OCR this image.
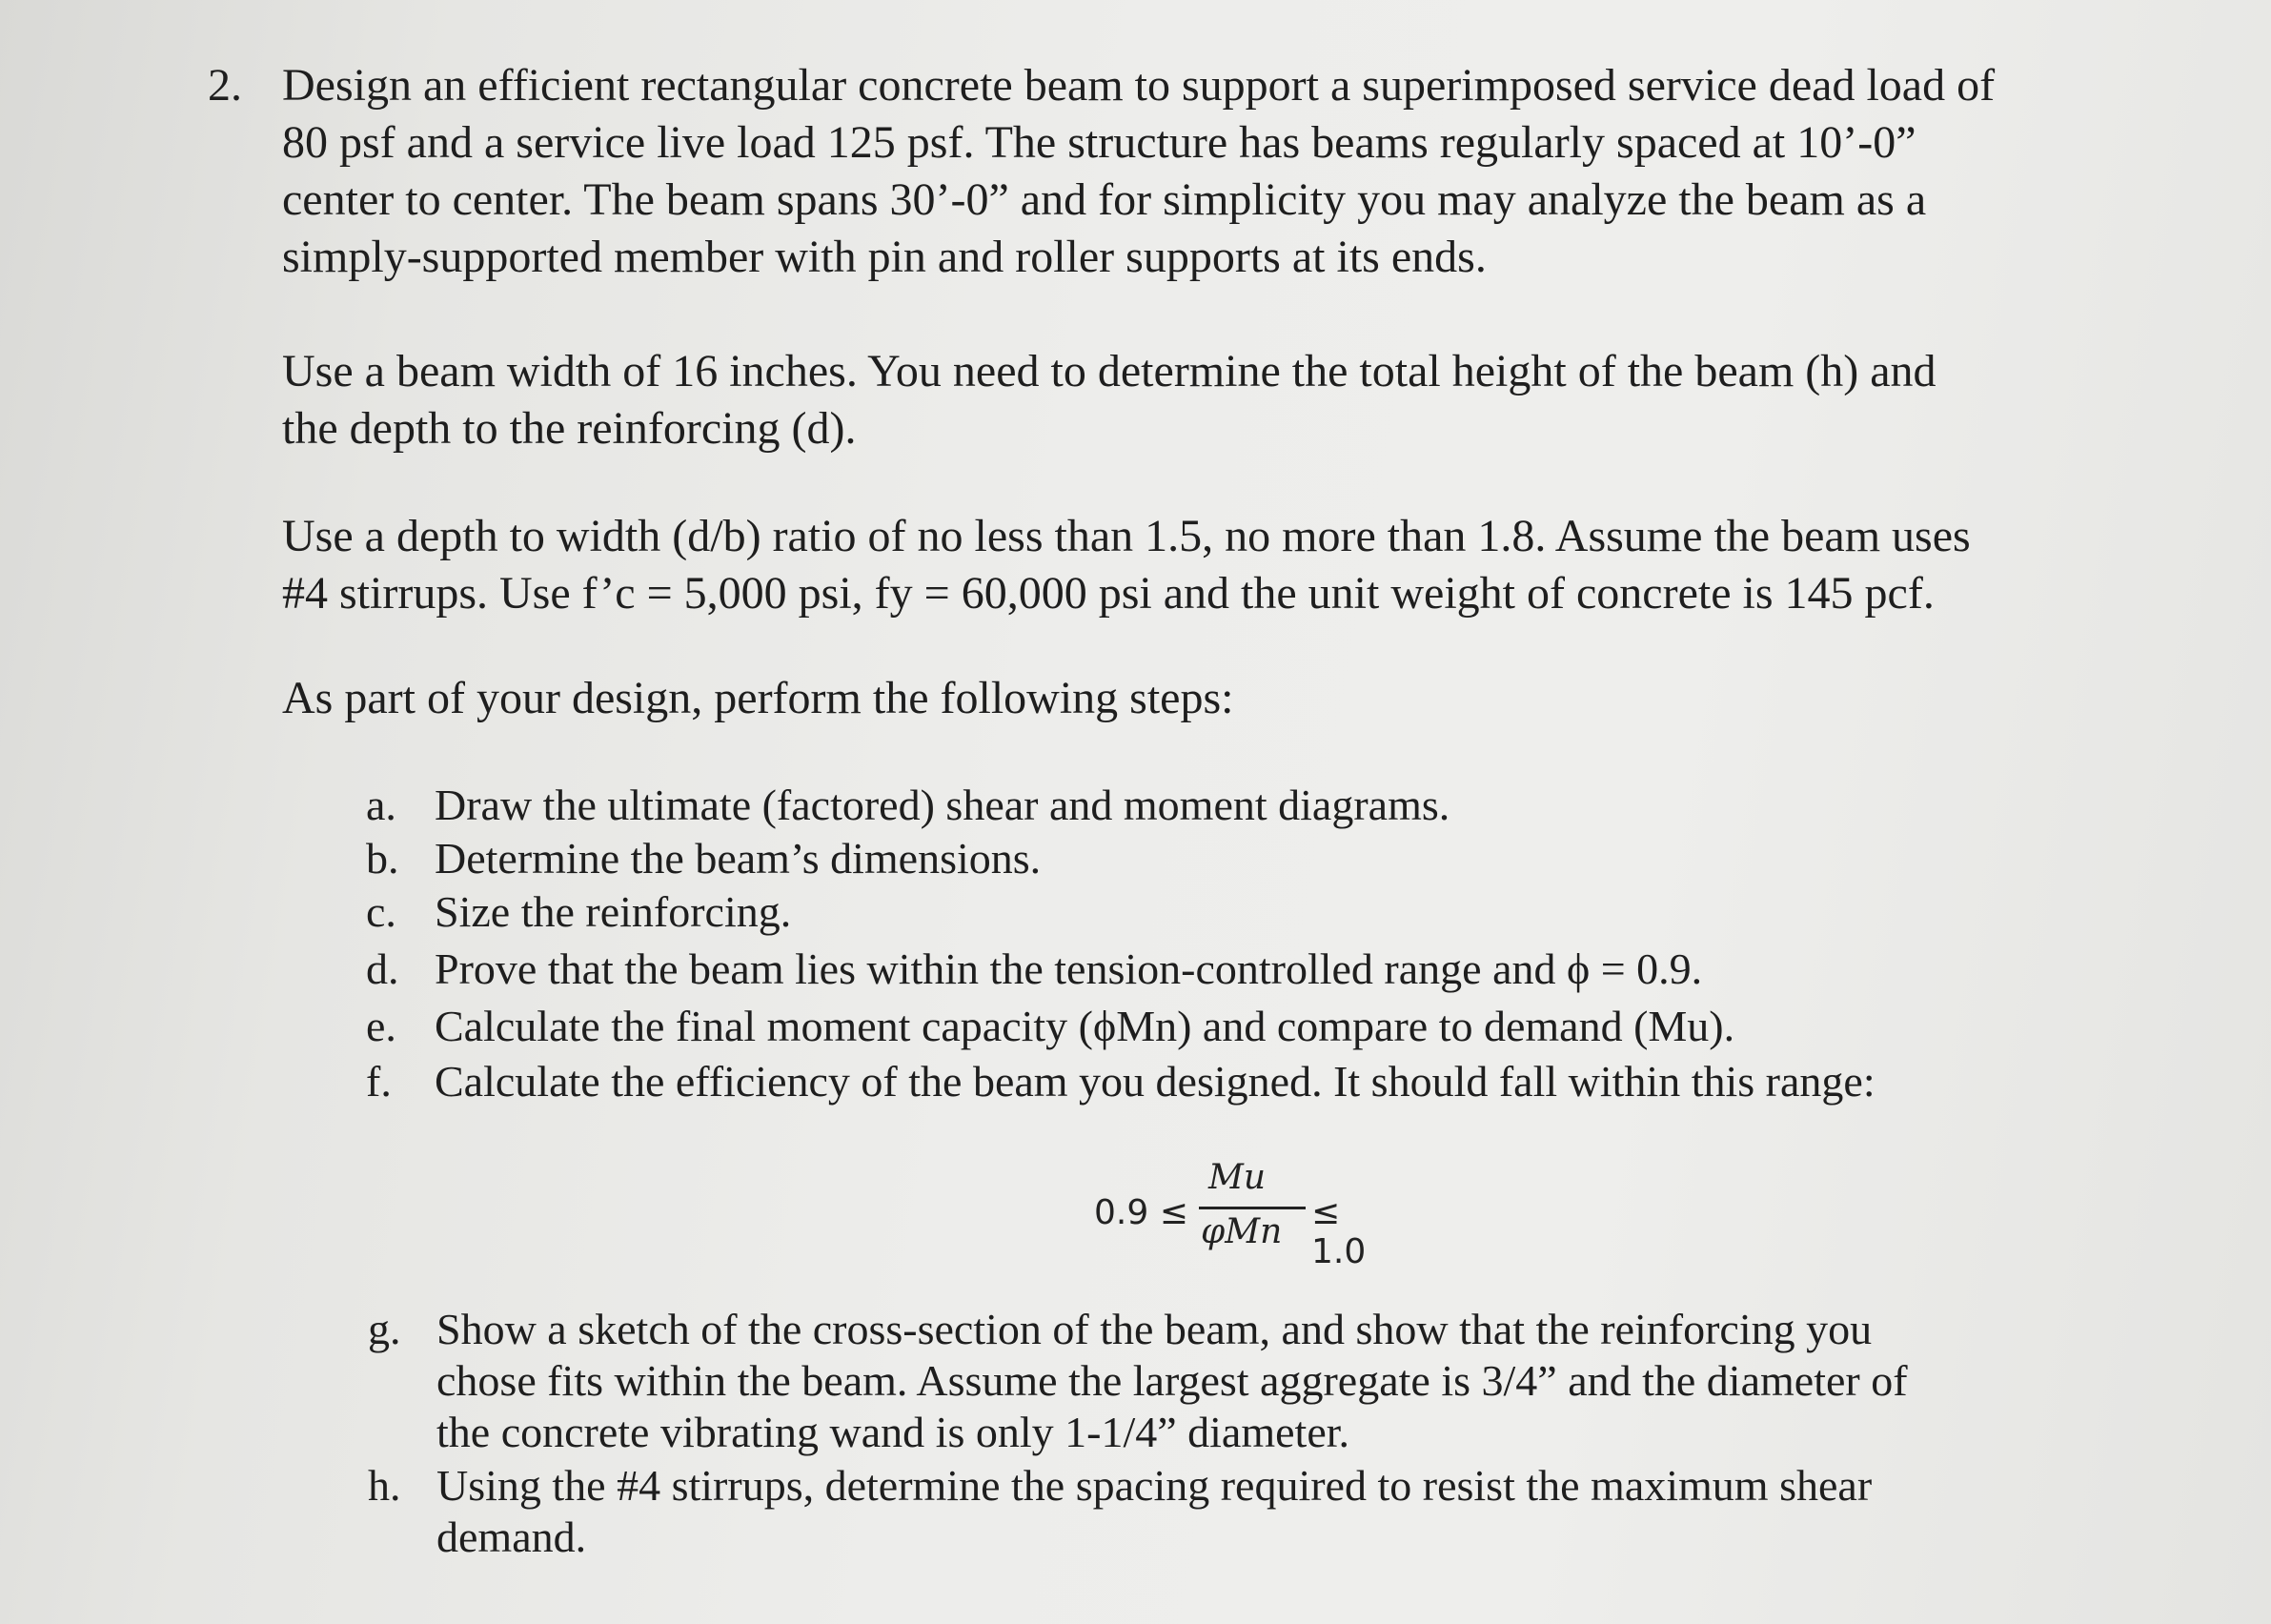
2. Design an efficient rectangular concrete beam to support a superimposed service dead load of
80 psf and a service live load 125 psf. The structure has beams regularly spaced at 10’-0”
center to center. The beam spans 30’-0” and for simplicity you may analyze the beam as a
simply-supported member with pin and roller supports at its ends.
Use a beam width of 16 inches. You need to determine the total height of the beam (h) and
the depth to the reinforcing (d).
Use a depth to width (d/b) ratio of no less than 1.5, no more than 1.8. Assume the beam uses
#4 stirrups. Use f’c = 5,000 psi, fy = 60,000 psi and the unit weight of concrete is 145 pcf.
As part of your design, perform the following steps:
a. Draw the ultimate (factored) shear and moment diagrams.
b. Determine the beam’s dimensions.
c. Size the reinforcing.
d. Prove that the beam lies within the tension-controlled range and ϕ = 0.9.
e. Calculate the final moment capacity (ϕMn) and compare to demand (Mu).
f. Calculate the efficiency of the beam you designed. It should fall within this range:
0.9 ≤
Mu
φMn ≤ 1.0
g. Show a sketch of the cross-section of the beam, and show that the reinforcing you
chose fits within the beam. Assume the largest aggregate is 3/4” and the diameter of
the concrete vibrating wand is only 1-1/4” diameter.
h. Using the #4 stirrups, determine the spacing required to resist the maximum shear
demand.
